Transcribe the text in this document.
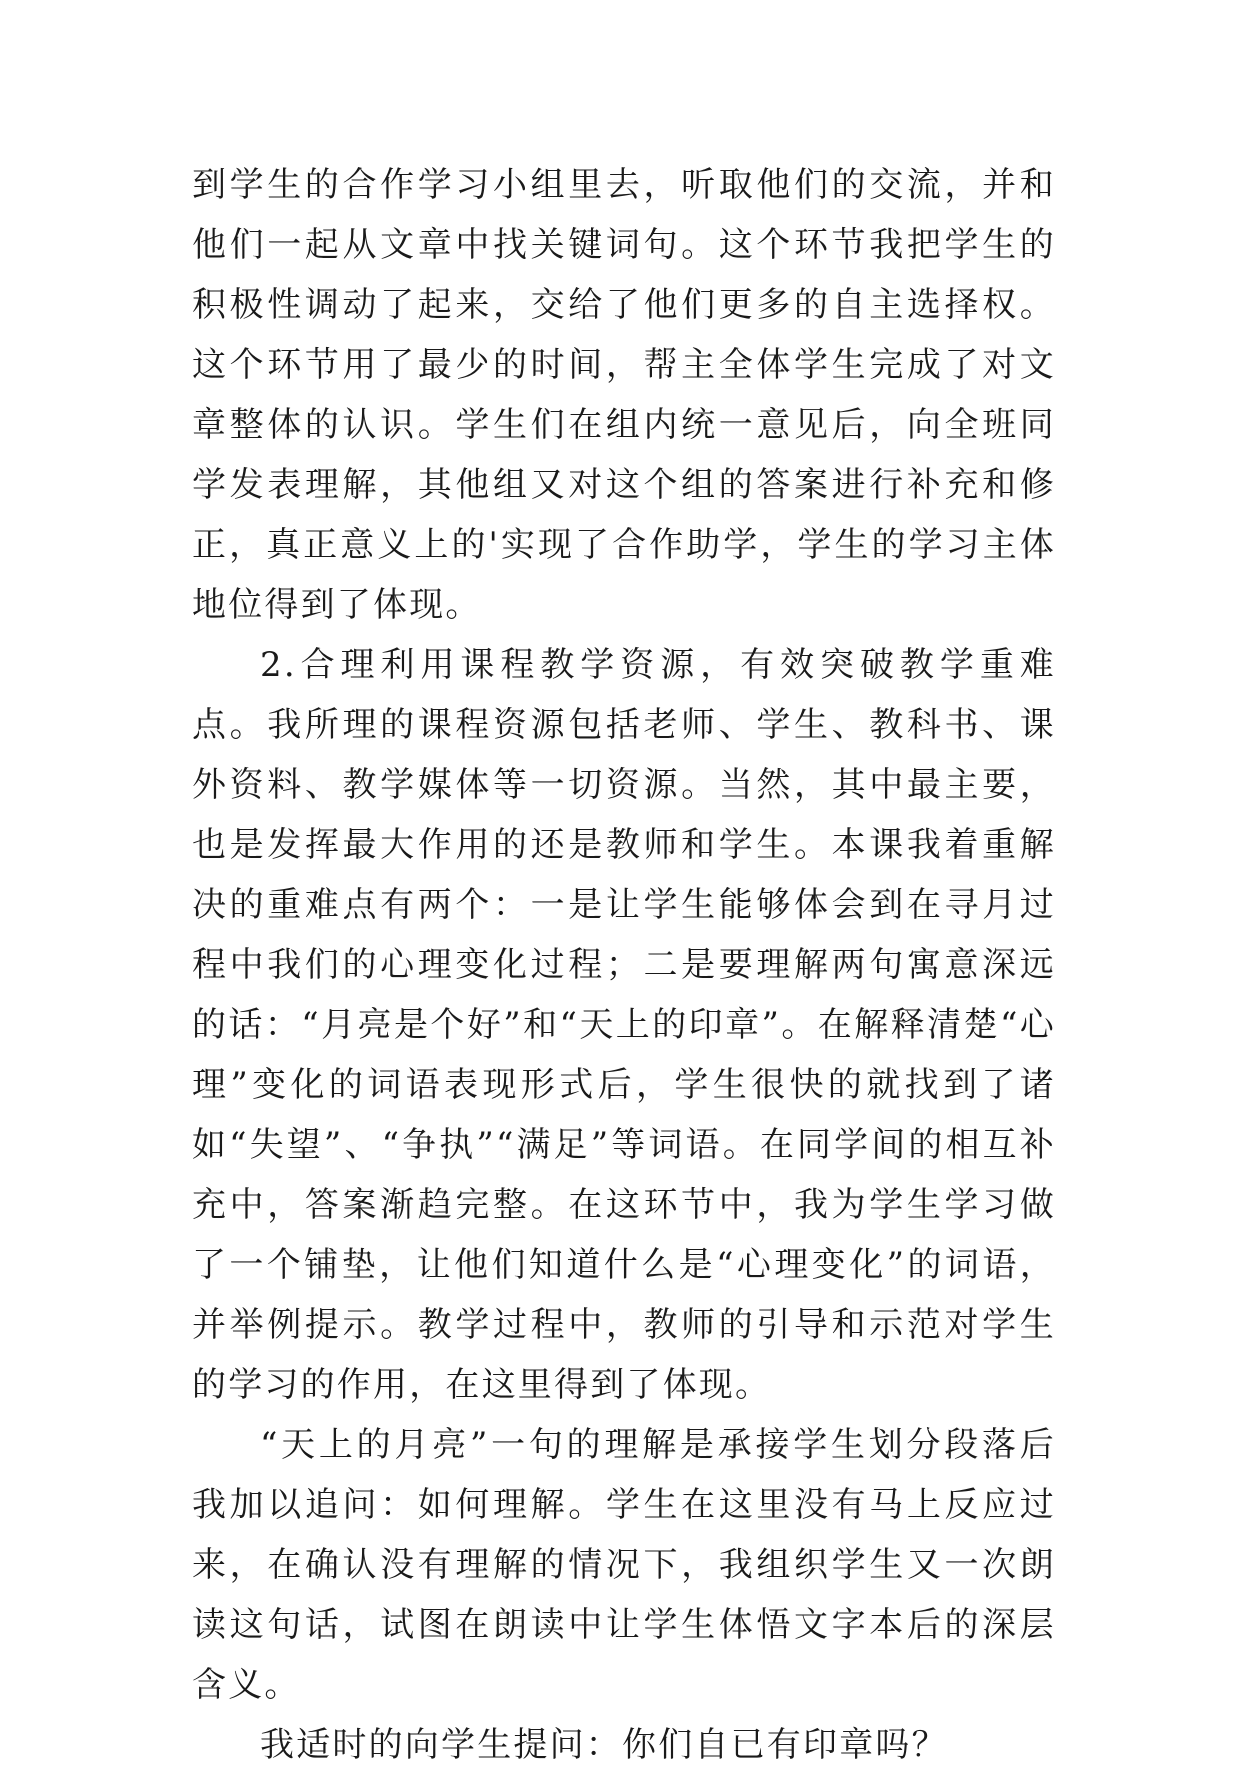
到学生的合作学习小组里去，听取他们的交流，并和他们一起从文章中找关键词句。这个环节我把学生的积极性调动了起来，交给了他们更多的自主选择权。这个环节用了最少的时间，帮主全体学生完成了对文章整体的认识。学生们在组内统一意见后，向全班同学发表理解，其他组又对这个组的答案进行补充和修正，真正意义上的'实现了合作助学，学生的学习主体地位得到了体现。

2.合理利用课程教学资源，有效突破教学重难点。我所理的课程资源包括老师、学生、教科书、课外资料、教学媒体等一切资源。当然，其中最主要，也是发挥最大作用的还是教师和学生。本课我着重解决的重难点有两个：一是让学生能够体会到在寻月过程中我们的心理变化过程；二是要理解两句寓意深远的话：“月亮是个好”和“天上的印章”。在解释清楚“心理”变化的词语表现形式后，学生很快的就找到了诸如“失望”、“争执”“满足”等词语。在同学间的相互补充中，答案渐趋完整。在这环节中，我为学生学习做了一个铺垫，让他们知道什么是“心理变化”的词语，并举例提示。教学过程中，教师的引导和示范对学生的学习的作用，在这里得到了体现。

“天上的月亮”一句的理解是承接学生划分段落后我加以追问：如何理解。学生在这里没有马上反应过来，在确认没有理解的情况下，我组织学生又一次朗读这句话，试图在朗读中让学生体悟文字本后的深层含义。

我适时的向学生提问：你们自已有印章吗？
